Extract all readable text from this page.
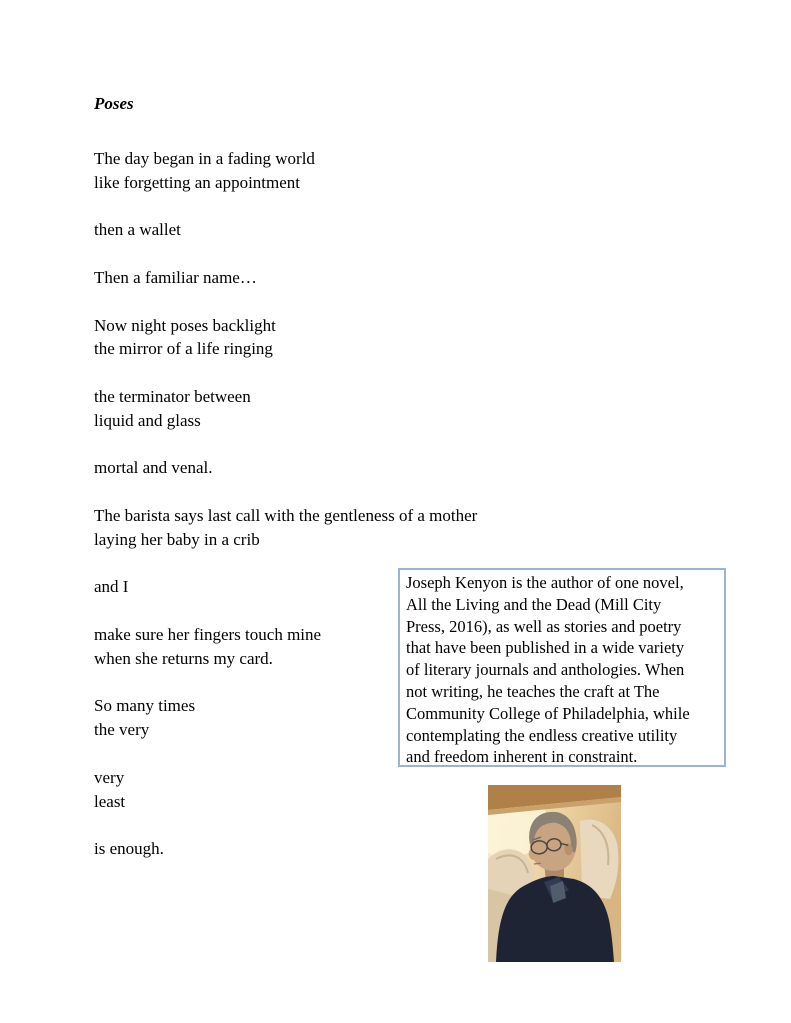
Poses
The day began in a fading world
like forgetting an appointment
then a wallet
Then a familiar name…
Now night poses backlight
the mirror of a life ringing
the terminator between
liquid and glass
mortal and venal.
The barista says last call with the gentleness of a mother
laying her baby in a crib
and I
make sure her fingers touch mine
when she returns my card.
So many times
the very
very
least
is enough.
Joseph Kenyon is the author of one novel,
All the Living and the Dead (Mill City
Press, 2016), as well as stories and poetry
that have been published in a wide variety
of literary journals and anthologies. When
not writing, he teaches the craft at The
Community College of Philadelphia, while
contemplating the endless creative utility
and freedom inherent in constraint.
